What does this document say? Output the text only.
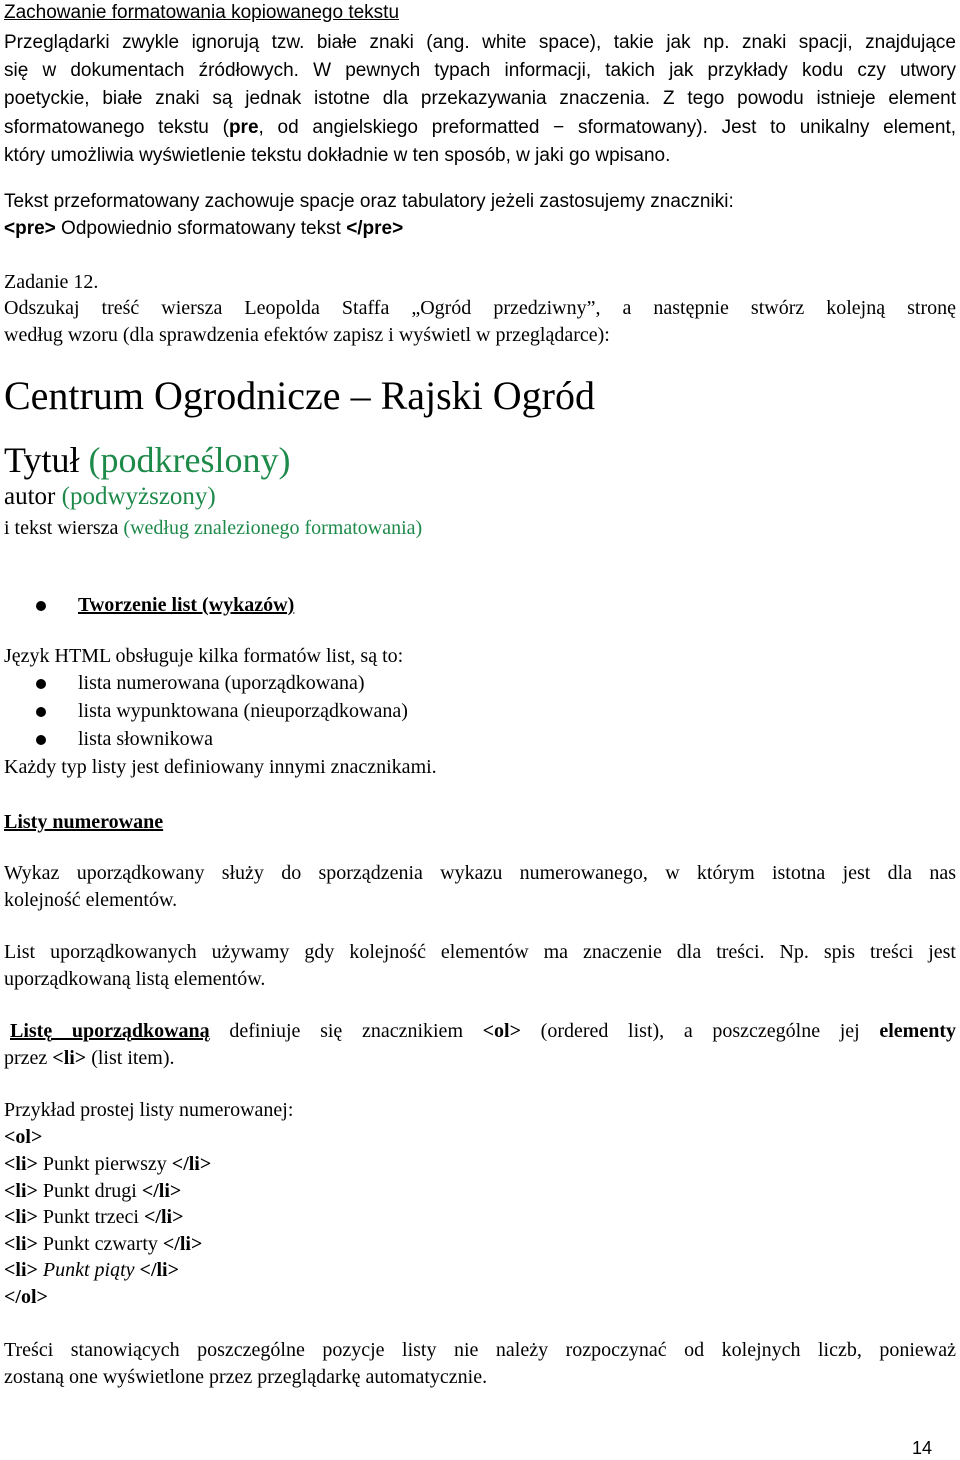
Zachowanie formatowania kopiowanego tekstu
Przeglądarki zwykle ignorują tzw. białe znaki (ang. white space), takie jak np. znaki spacji, znajdujące
się w dokumentach źródłowych. W pewnych typach informacji, takich jak przykłady kodu czy utwory
poetyckie, białe znaki są jednak istotne dla przekazywania znaczenia. Z tego powodu istnieje element
sformatowanego tekstu (pre, od angielskiego preformatted − sformatowany). Jest to unikalny element,
który umożliwia wyświetlenie tekstu dokładnie w ten sposób, w jaki go wpisano.
Tekst przeformatowany zachowuje spacje oraz tabulatory jeżeli zastosujemy znaczniki:
<pre> Odpowiednio sformatowany tekst </pre>
Zadanie 12.
Odszukaj treść wiersza Leopolda Staffa „Ogród przedziwny”, a następnie stwórz kolejną stronę
według wzoru (dla sprawdzenia efektów zapisz i wyświetl w przeglądarce):
Centrum Ogrodnicze – Rajski Ogród
Tytuł (podkreślony)
autor (podwyższony)
i tekst wiersza (według znalezionego formatowania)
Tworzenie list (wykazów)
Język HTML obsługuje kilka formatów list, są to:
lista numerowana (uporządkowana)
lista wypunktowana (nieuporządkowana)
lista słownikowa
Każdy typ listy jest definiowany innymi znacznikami.
Listy numerowane
Wykaz uporządkowany służy do sporządzenia wykazu numerowanego, w którym istotna jest dla nas
kolejność elementów.
List uporządkowanych używamy gdy kolejność elementów ma znaczenie dla treści. Np. spis treści jest
uporządkowaną listą elementów.
Listę uporządkowaną definiuje się znacznikiem <ol> (ordered list), a poszczególne jej elementy
przez <li> (list item).
Przykład prostej listy numerowanej:
<ol>
<li> Punkt pierwszy </li>
<li> Punkt drugi </li>
<li> Punkt trzeci </li>
<li> Punkt czwarty </li>
<li> Punkt piąty </li>
</ol>
Treści stanowiących poszczególne pozycje listy nie należy rozpoczynać od kolejnych liczb, ponieważ
zostaną one wyświetlone przez przeglądarkę automatycznie.
14
